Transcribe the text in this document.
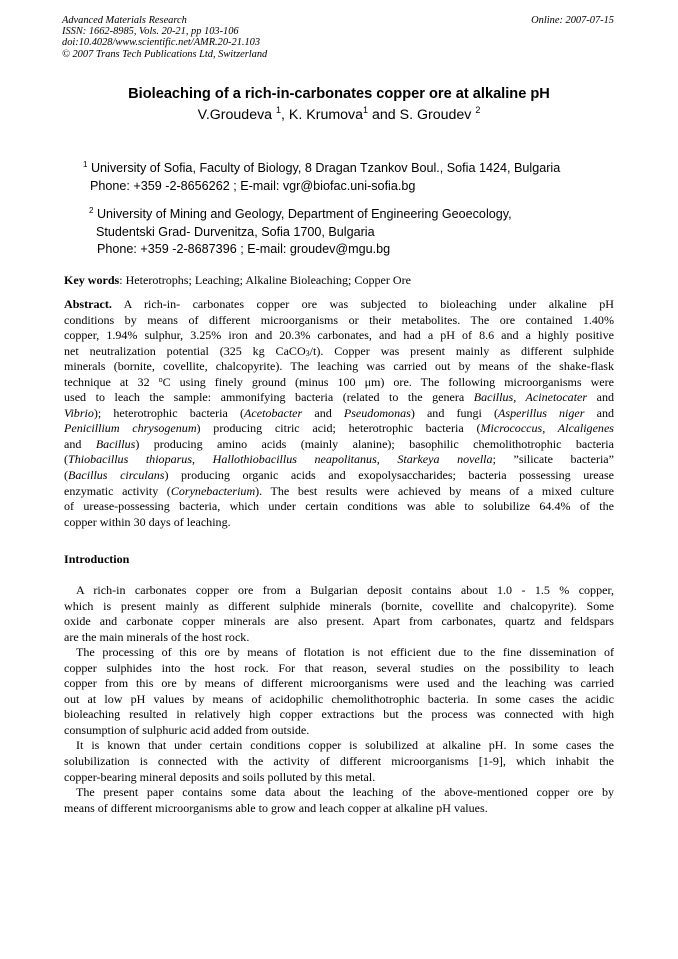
Advanced Materials Research
ISSN: 1662-8985, Vols. 20-21, pp 103-106
doi:10.4028/www.scientific.net/AMR.20-21.103
© 2007 Trans Tech Publications Ltd, Switzerland
Online: 2007-07-15
Bioleaching of a rich-in-carbonates copper ore at alkaline pH
V.Groudeva $^1$, K. Krumova$^1$ and S. Groudev $^2$
$^1$ University of Sofia, Faculty of Biology, 8 Dragan Tzankov Boul., Sofia 1424, Bulgaria
Phone: +359 -2-8656262 ; E-mail: vgr@biofac.uni-sofia.bg
$^2$ University of Mining and Geology, Department of Engineering Geoecology,
Studentski Grad- Durvenitza, Sofia 1700, Bulgaria
Phone: +359 -2-8687396 ; E-mail: groudev@mgu.bg
Key words: Heterotrophs; Leaching; Alkaline Bioleaching; Copper Ore
Abstract. A rich-in- carbonates copper ore was subjected to bioleaching under alkaline pH
conditions by means of different microorganisms or their metabolites. The ore contained 1.40%
copper, 1.94% sulphur, 3.25% iron and 20.3% carbonates, and had a pH of 8.6 and a highly positive
net neutralization potential (325 kg CaCO$_3$/t). Copper was present mainly as different sulphide
minerals (bornite, covellite, chalcopyrite). The leaching was carried out by means of the shake-flask
technique at 32 $^o$C using finely ground (minus 100 μm) ore. The following microorganisms were
used to leach the sample: ammonifying bacteria (related to the genera Bacillus, Acinetocater and
Vibrio); heterotrophic bacteria (Acetobacter and Pseudomonas) and fungi (Asperillus niger and
Penicillium chrysogenum) producing citric acid; heterotrophic bacteria (Micrococcus, Alcaligenes
and Bacillus) producing amino acids (mainly alanine); basophilic chemolithotrophic bacteria
(Thiobacillus thioparus, Hallothiobacillus neapolitanus, Starkeya novella; ”silicate bacteria”
(Bacillus circulans) producing organic acids and exopolysaccharides; bacteria possessing urease
enzymatic activity (Corynebacterium). The best results were achieved by means of a mixed culture
of urease-possessing bacteria, which under certain conditions was able to solubilize 64.4% of the
copper within 30 days of leaching.
Introduction

A rich-in carbonates copper ore from a Bulgarian deposit contains about 1.0 - 1.5 % copper,
which is present mainly as different sulphide minerals (bornite, covellite and chalcopyrite). Some
oxide and carbonate copper minerals are also present. Apart from carbonates, quartz and feldspars
are the main minerals of the host rock.

The processing of this ore by means of flotation is not efficient due to the fine dissemination of
copper sulphides into the host rock. For that reason, several studies on the possibility to leach
copper from this ore by means of different microorganisms were used and the leaching was carried
out at low pH values by means of acidophilic chemolithotrophic bacteria. In some cases the acidic
bioleaching resulted in relatively high copper extractions but the process was connected with high
consumption of sulphuric acid added from outside.

It is known that under certain conditions copper is solubilized at alkaline pH. In some cases the
solubilization is connected with the activity of different microorganisms [1-9], which inhabit the
copper-bearing mineral deposits and soils polluted by this metal.

The present paper contains some data about the leaching of the above-mentioned copper ore by
means of different microorganisms able to grow and leach copper at alkaline pH values.
